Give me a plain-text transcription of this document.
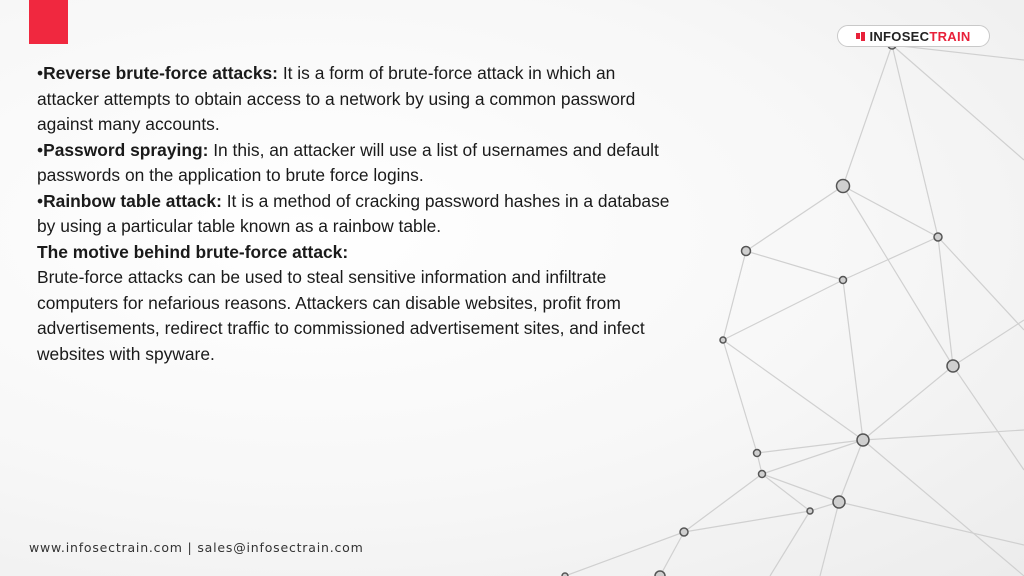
INFOSECTRAIN

•Reverse brute-force attacks: It is a form of brute-force attack in which an attacker attempts to obtain access to a network by using a common password against many accounts.

•Password spraying: In this, an attacker will use a list of usernames and default passwords on the application to brute force logins.

•Rainbow table attack: It is a method of cracking password hashes in a database by using a particular table known as a rainbow table.

The motive behind brute-force attack:

Brute-force attacks can be used to steal sensitive information and infiltrate computers for nefarious reasons. Attackers can disable websites, profit from advertisements, redirect traffic to commissioned advertisement sites, and infect websites with spyware.

www.infosectrain.com | sales@infosectrain.com
